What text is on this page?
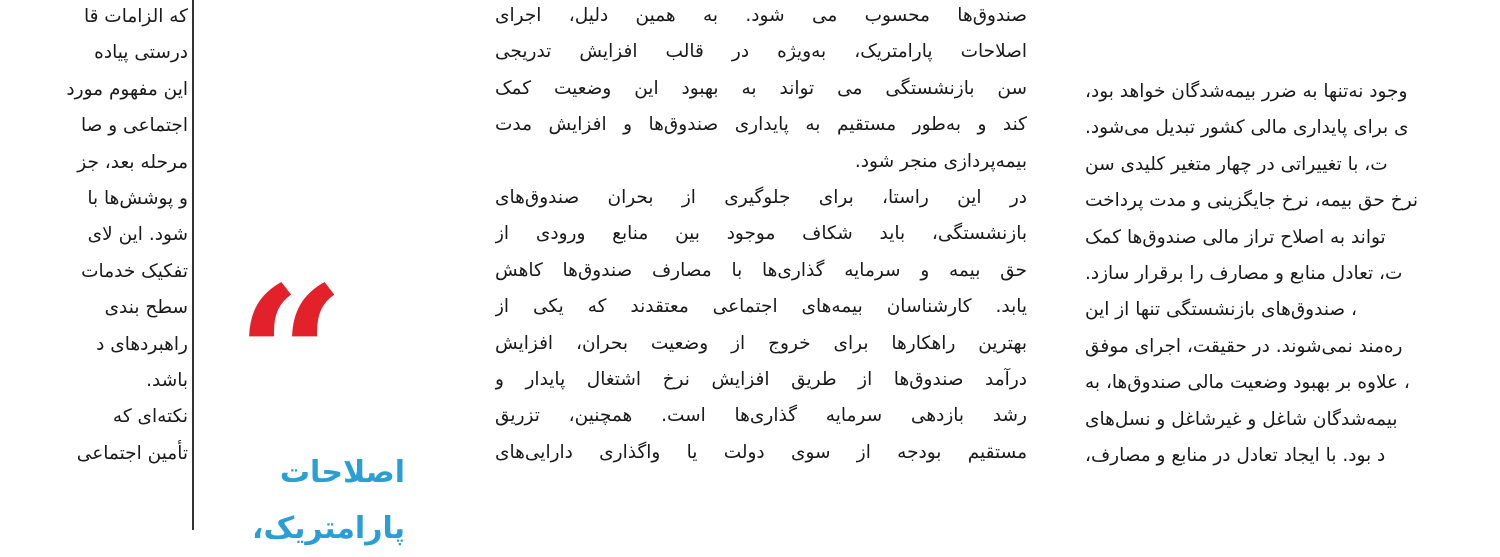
که الزامات قا
درستی پیاده
این مفهوم مورد
اجتماعی و صا
مرحله بعد، جز
و پوشش‌ها با
شود. این لای
تفکیک خدمات
سطح بندی
راهبردهای د
باشد.
نکته‌ای که
تأمین اجتماعی “
اصلاحات
پارامتریک،
صندوق‌ها محسوب می شود. به همین دلیل، اجرای
اصلاحات پارامتریک، به‌ویژه در قالب افزایش تدریجی
سن بازنشستگی می تواند به بهبود این وضعیت کمک
کند و به‌طور مستقیم به پایداری صندوق‌ها و افزایش مدت
بیمه‌پردازی منجر شود.
در این راستا، برای جلوگیری از بحران صندوق‌های
بازنشستگی، باید شکاف موجود بین منابع ورودی از
حق بیمه و سرمایه گذاری‌ها با مصارف صندوق‌ها کاهش
یابد. کارشناسان بیمه‌های اجتماعی معتقدند که یکی از
بهترین راهکارها برای خروج از وضعیت بحران، افزایش
درآمد صندوق‌ها از طریق افزایش نرخ اشتغال پایدار و
رشد بازدهی سرمایه گذاری‌ها است. همچنین، تزریق
مستقیم بودجه از سوی دولت یا واگذاری دارایی‌های
وجود نه‌تنها به ضرر بیمه‌شدگان خواهد بود،
ی برای پایداری مالی کشور تبدیل می‌شود.
ت، با تغییراتی در چهار متغیر کلیدی سن
نرخ حق بیمه، نرخ جایگزینی و مدت پرداخت
تواند به اصلاح تراز مالی صندوق‌ها کمک
ت، تعادل منابع و مصارف را برقرار سازد.
، صندوق‌های بازنشستگی تنها از این
ره‌مند نمی‌شوند. در حقیقت، اجرای موفق
، علاوه بر بهبود وضعیت مالی صندوق‌ها، به
بیمه‌شدگان شاغل و غیرشاغل و نسل‌های
د بود. با ایجاد تعادل در منابع و مصارف،
